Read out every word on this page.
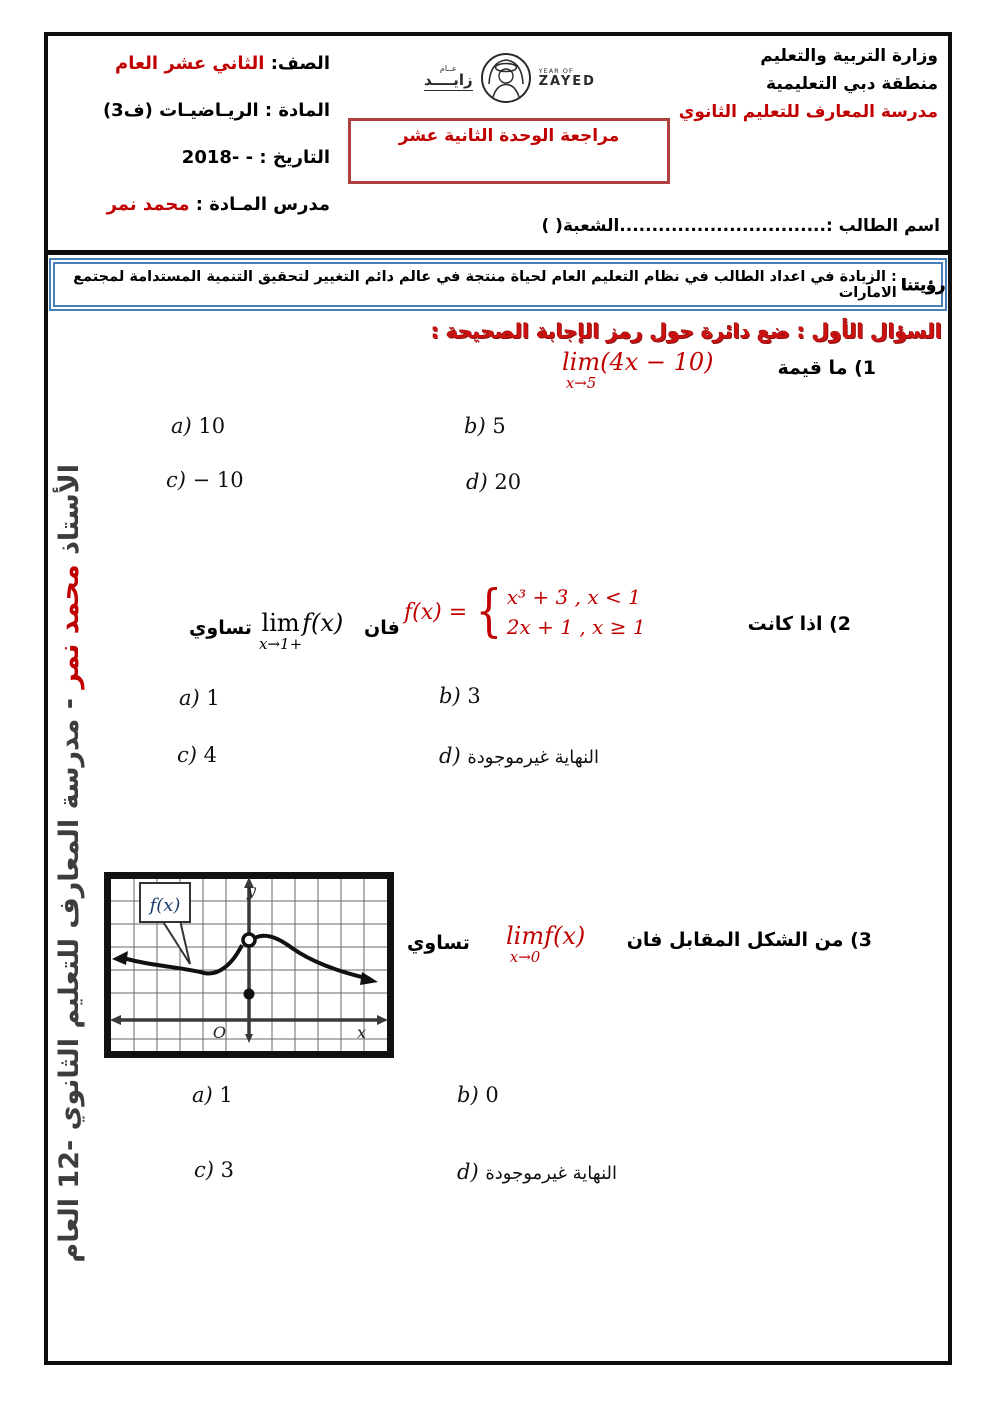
وزارة التربية والتعليم
منطقة دبي التعليمية
مدرسة المعارف للتعليم الثانوي
عــام
زايــــد	YEAR OF
ZAYED
مراجعة الوحدة الثانية عشر
الصف: الثاني عشر العام
المادة : الريـاضيـات (ف3)
التاريخ : - -2018
مدرس المـادة : محمد نمر
اسم الطالب :................................الشعبة( )
رؤيتنا
: الزيادة في اعداد الطالب في نظام التعليم العام لحياة منتجة في عالم دائم التغيير لتحقيق التنمية المستدامة لمجتمع الامارات
السؤال الأول : ضع دائرة حول رمز الإجابة الصحيحة :
1) ما قيمة
lim
x→5
(4x − 10)
a) 10	b) 5
c) − 10	d) 20
2) اذا كانت
f(x) = { x³ + 3 , x < 1
2x + 1 , x ≥ 1
فان
lim
x→1+
f(x)
تساوي
a) 1	b) 3
c) 4	d) النهاية غيرموجودة
f(x)
y
x
O
3) من الشكل المقابل فان
lim
x→0
f(x)
تساوي
a) 1	b) 0
c) 3	d) النهاية غيرموجودة
الأستاذ محمد نمر - مدرسة المعارف للتعليم الثانوي -12 العام
